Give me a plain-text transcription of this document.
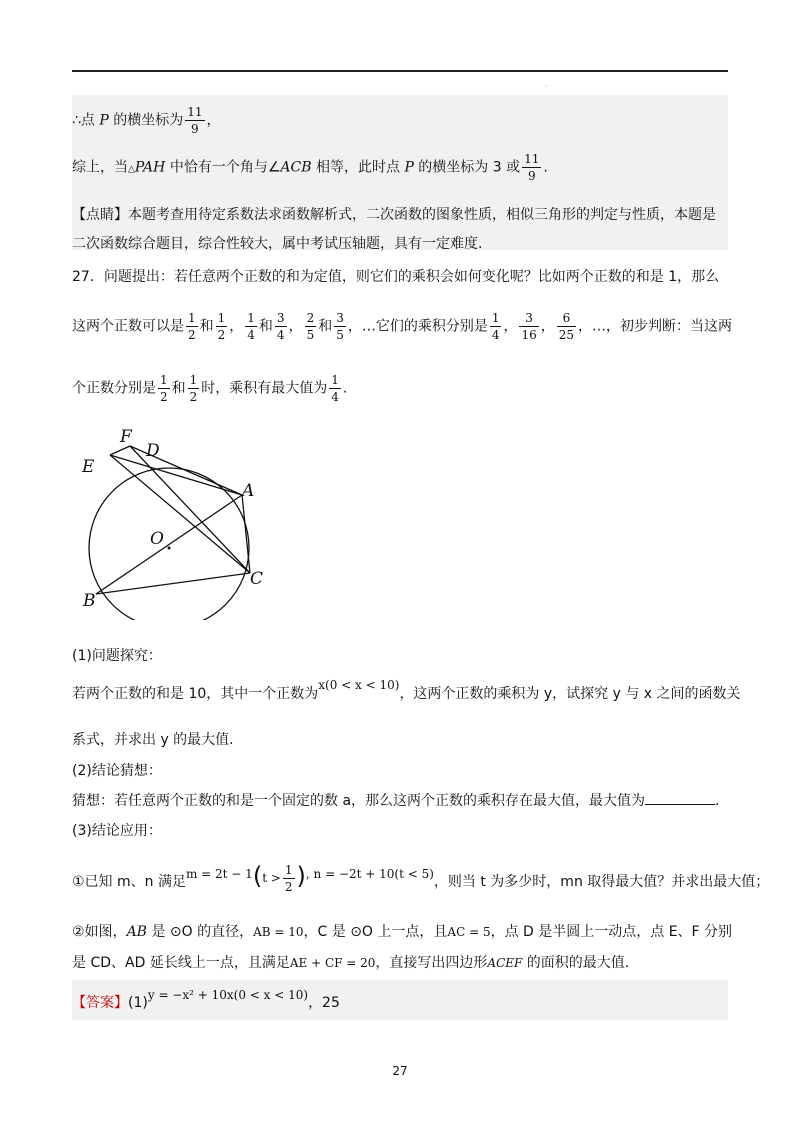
·
∴点 P 的横坐标为 $\frac{11}{9}$ ，
综上，当△PAH 中恰有一个角与∠ACB 相等，此时点 P 的横坐标为 3 或 $\frac{11}{9}$ .
【点睛】本题考查用待定系数法求函数解析式，二次函数的图象性质，相似三角形的判定与性质，本题是
二次函数综合题目，综合性较大，属中考试压轴题，具有一定难度.
27．问题提出：若任意两个正数的和为定值，则它们的乘积会如何变化呢？比如两个正数的和是 1，那么
这两个正数可以是 $\frac{1}{2}$ 和 $\frac{1}{2}$ ， $\frac{1}{4}$ 和 $\frac{3}{4}$ ， $\frac{2}{5}$ 和 $\frac{3}{5}$ ，…它们的乘积分别是 $\frac{1}{4}$ ， $\frac{3}{16}$ ， $\frac{6}{25}$ ，…，初步判断：当这两
个正数分别是 $\frac{1}{2}$ 和 $\frac{1}{2}$ 时，乘积有最大值为 $\frac{1}{4}$ .
F
D
E
A
O
C
B
(1)问题探究：
若两个正数的和是 10，其中一个正数为x(0 < x < 10)，这两个正数的乘积为 y，试探究 y 与 x 之间的函数关
系式，并求出 y 的最大值.
(2)结论猜想：
猜想：若任意两个正数的和是一个固定的数 a，那么这两个正数的乘积存在最大值，最大值为	.
(3)结论应用：
①已知 m、n 满足$m = 2t - 1(t > \frac{1}{2}$ ), n = −2t + 10(t < 5)，则当 t 为多少时，mn 取得最大值？并求出最大值；
②如图，AB 是 ⊙O 的直径，AB = 10，C 是 ⊙O 上一点，且AC = 5，点 D 是半圆上一动点，点 E、F 分别
是 CD、AD 延长线上一点，且满足AE + CF = 20，直接写出四边形ACEF 的面积的最大值.
【答案】(1)y = −x² + 10x(0 < x < 10)，25
27
